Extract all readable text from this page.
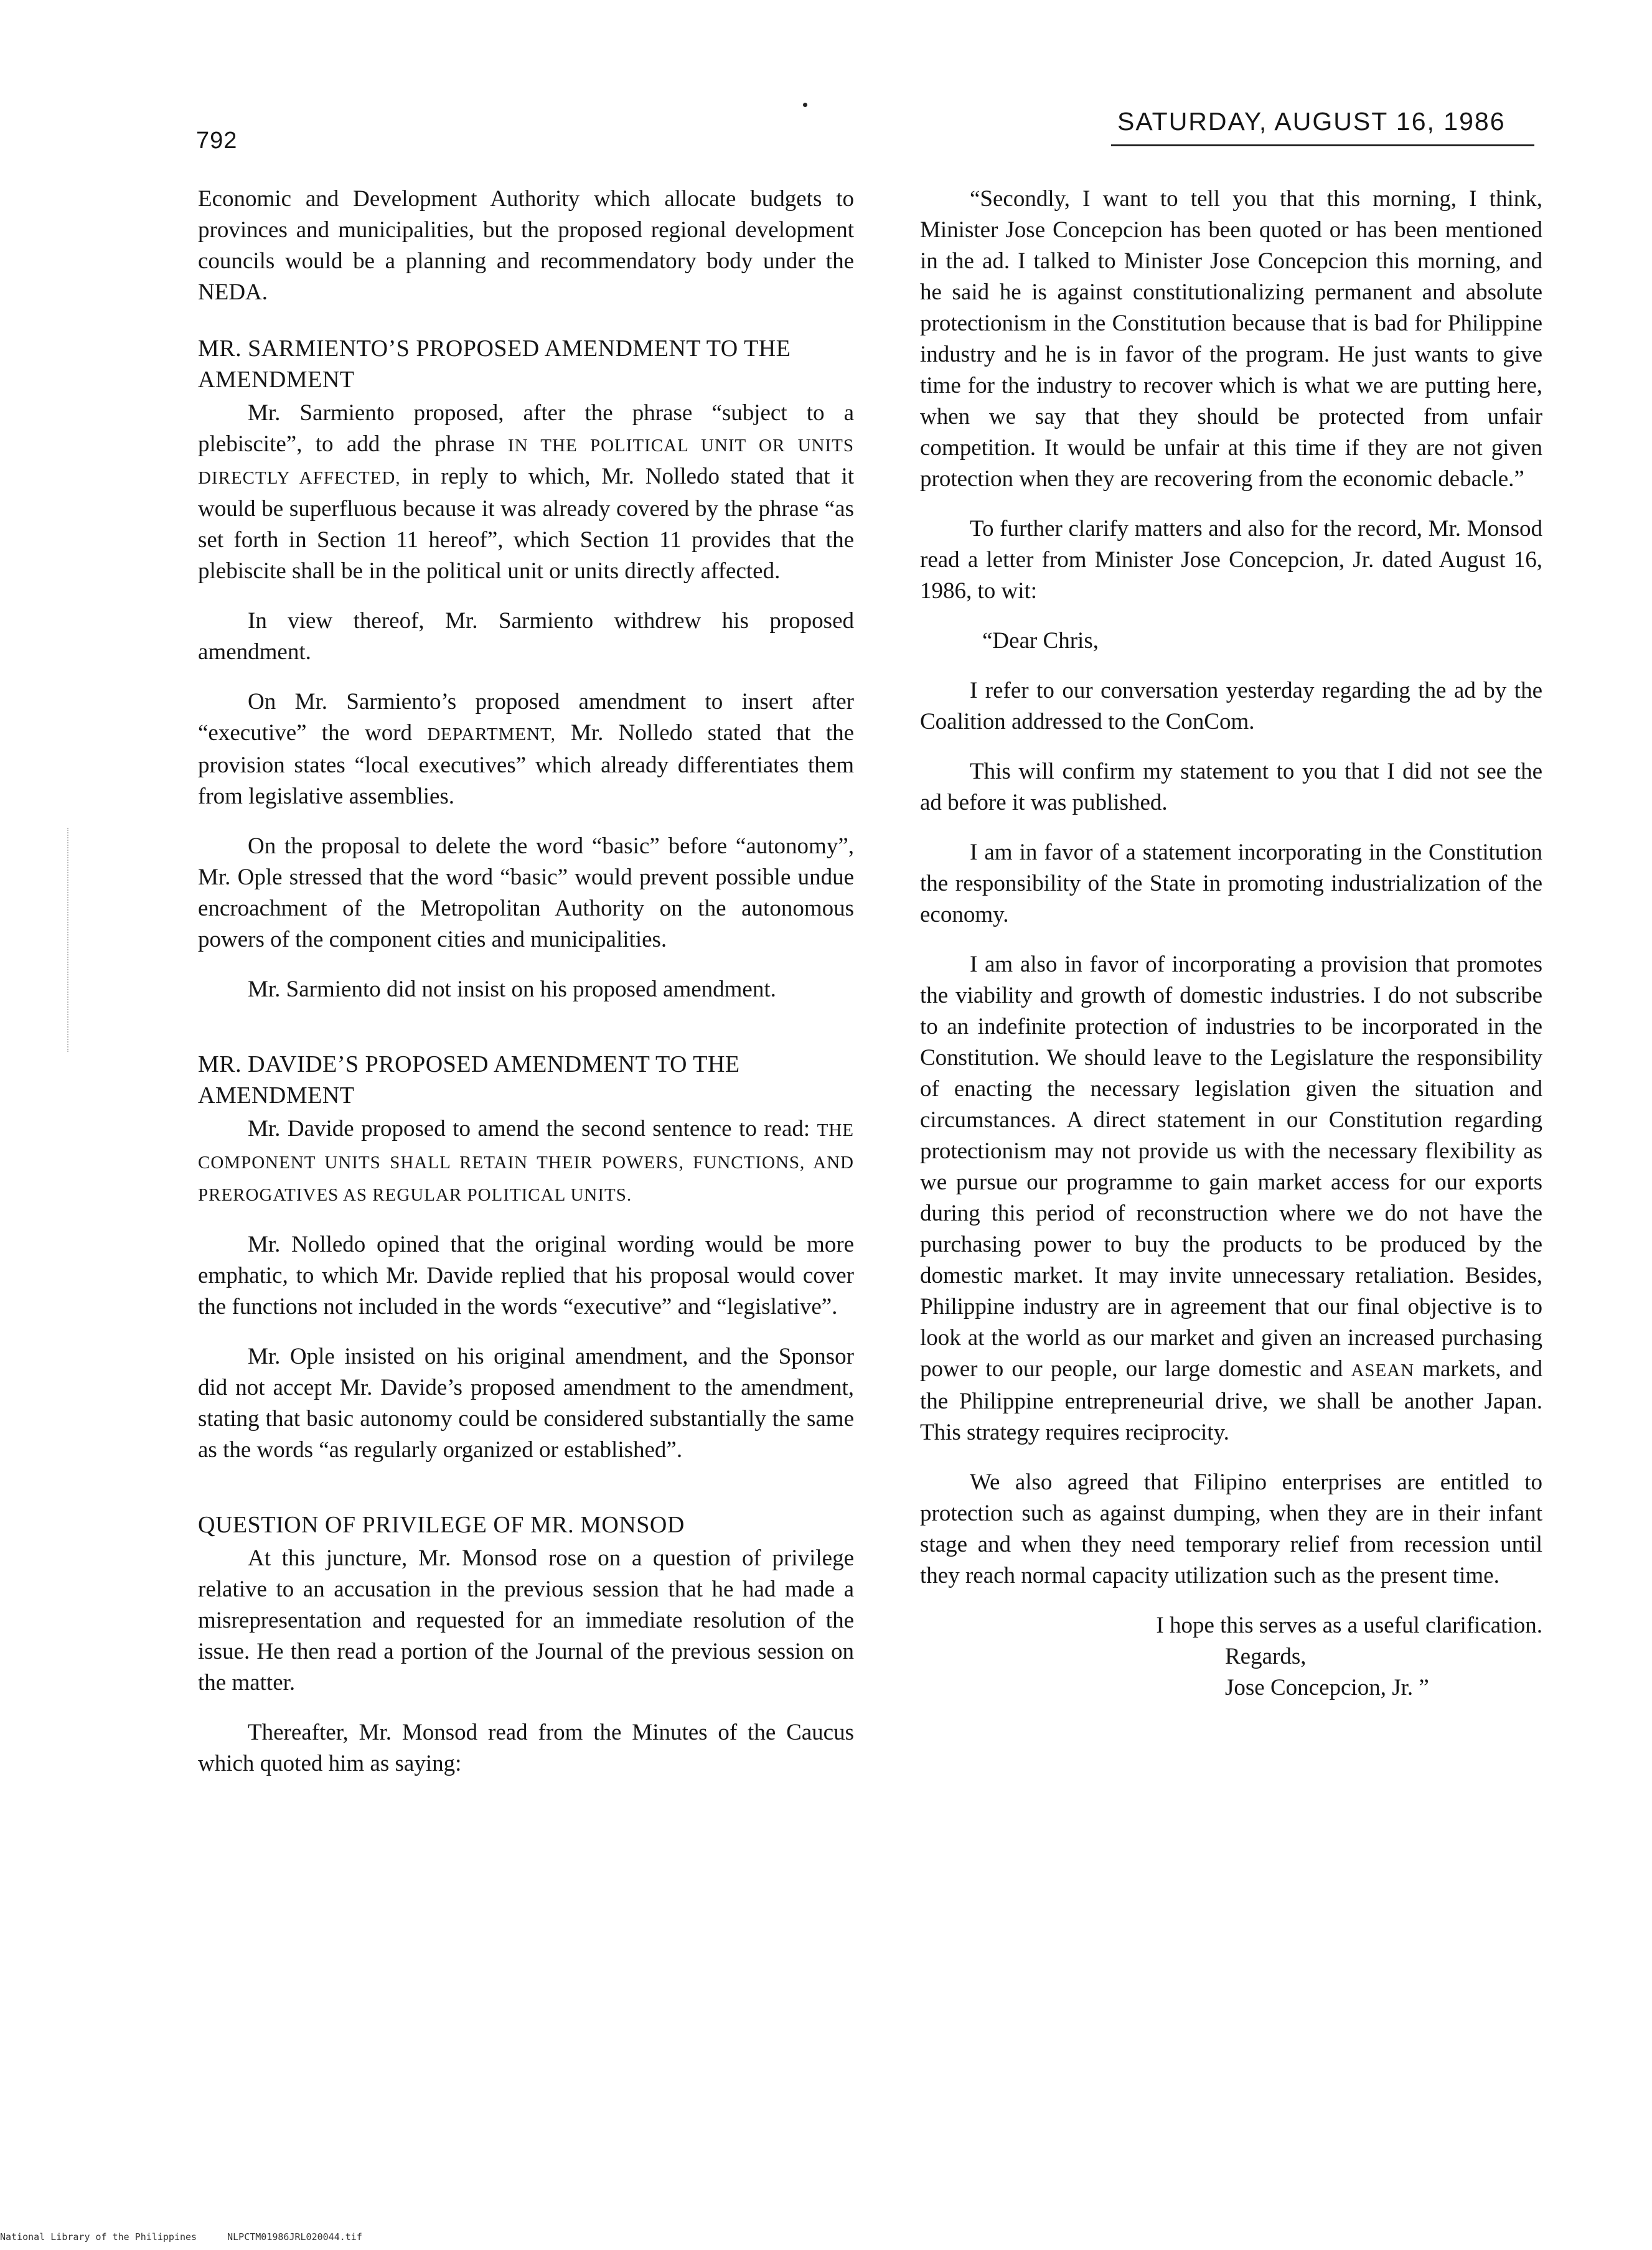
792
SATURDAY, AUGUST 16, 1986

Economic and Development Authority which allocate budgets to provinces and municipalities, but the proposed regional development councils would be a planning and recommendatory body under the NEDA.

MR. SARMIENTO’S PROPOSED AMENDMENT TO THE AMENDMENT

Mr. Sarmiento proposed, after the phrase “subject to a plebiscite”, to add the phrase IN THE POLITICAL UNIT OR UNITS DIRECTLY AFFECTED, in reply to which, Mr. Nolledo stated that it would be superfluous because it was already covered by the phrase “as set forth in Section 11 hereof”, which Section 11 provides that the plebiscite shall be in the political unit or units directly affected.

In view thereof, Mr. Sarmiento withdrew his proposed amendment.

On Mr. Sarmiento’s proposed amendment to insert after “executive” the word DEPARTMENT, Mr. Nolledo stated that the provision states “local executives” which already differentiates them from legislative assemblies.

On the proposal to delete the word “basic” before “autonomy”, Mr. Ople stressed that the word “basic” would prevent possible undue encroachment of the Metropolitan Authority on the autonomous powers of the component cities and municipalities.

Mr. Sarmiento did not insist on his proposed amendment.

MR. DAVIDE’S PROPOSED AMENDMENT TO THE AMENDMENT

Mr. Davide proposed to amend the second sentence to read: THE COMPONENT UNITS SHALL RETAIN THEIR POWERS, FUNCTIONS, AND PREROGATIVES AS REGULAR POLITICAL UNITS.

Mr. Nolledo opined that the original wording would be more emphatic, to which Mr. Davide replied that his proposal would cover the functions not included in the words “executive” and “legislative”.

Mr. Ople insisted on his original amendment, and the Sponsor did not accept Mr. Davide’s proposed amendment to the amendment, stating that basic autonomy could be considered substantially the same as the words “as regularly organized or established”.

QUESTION OF PRIVILEGE OF MR. MONSOD

At this juncture, Mr. Monsod rose on a question of privilege relative to an accusation in the previous session that he had made a misrepresentation and requested for an immediate resolution of the issue. He then read a portion of the Journal of the previous session on the matter.

Thereafter, Mr. Monsod read from the Minutes of the Caucus which quoted him as saying:

“Secondly, I want to tell you that this morning, I think, Minister Jose Concepcion has been quoted or has been mentioned in the ad. I talked to Minister Jose Concepcion this morning, and he said he is against constitutionalizing permanent and absolute protectionism in the Constitution because that is bad for Philippine industry and he is in favor of the program. He just wants to give time for the industry to recover which is what we are putting here, when we say that they should be protected from unfair competition. It would be unfair at this time if they are not given protection when they are recovering from the economic debacle.”

To further clarify matters and also for the record, Mr. Monsod read a letter from Minister Jose Concepcion, Jr. dated August 16, 1986, to wit:

“Dear Chris,

I refer to our conversation yesterday regarding the ad by the Coalition addressed to the ConCom.

This will confirm my statement to you that I did not see the ad before it was published.

I am in favor of a statement incorporating in the Constitution the responsibility of the State in promoting industrialization of the economy.

I am also in favor of incorporating a provision that promotes the viability and growth of domestic industries. I do not subscribe to an indefinite protection of industries to be incorporated in the Constitution. We should leave to the Legislature the responsibility of enacting the necessary legislation given the situation and circumstances. A direct statement in our Constitution regarding protectionism may not provide us with the necessary flexibility as we pursue our programme to gain market access for our exports during this period of reconstruction where we do not have the purchasing power to buy the products to be produced by the domestic market. It may invite unnecessary retaliation. Besides, Philippine industry are in agreement that our final objective is to look at the world as our market and given an increased purchasing power to our people, our large domestic and ASEAN markets, and the Philippine entrepreneurial drive, we shall be another Japan. This strategy requires reciprocity.

We also agreed that Filipino enterprises are entitled to protection such as against dumping, when they are in their infant stage and when they need temporary relief from recession until they reach normal capacity utilization such as the present time.

I hope this serves as a useful clarification.

Regards,

Jose Concepcion, Jr. ”

National Library of the Philippines	NLPCTM01986JRL020044.tif
